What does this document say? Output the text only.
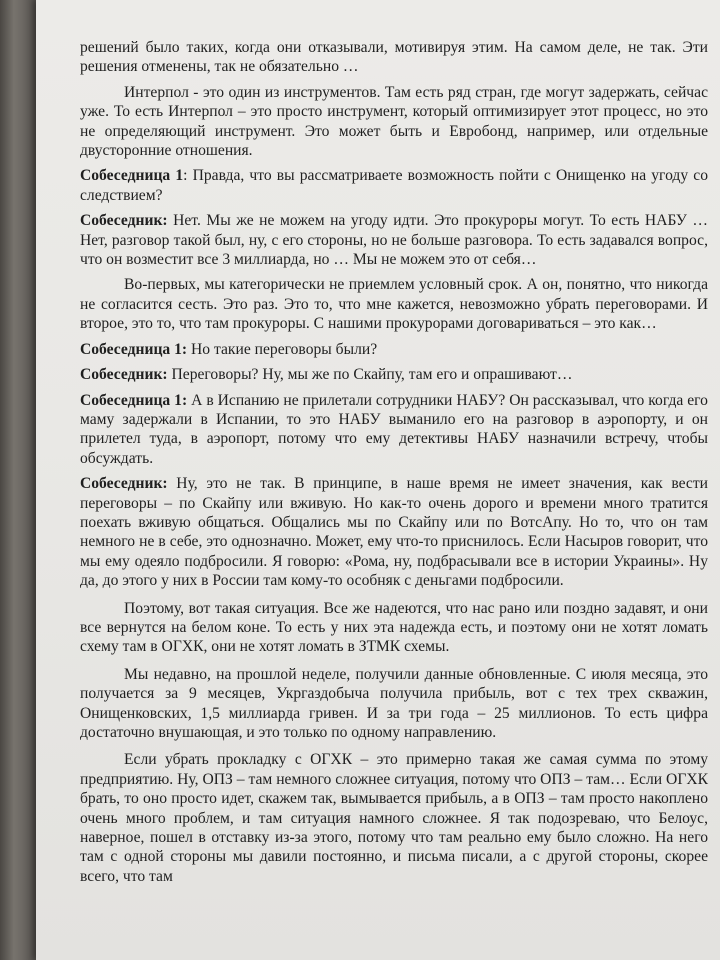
решений было таких, когда они отказывали, мотивируя этим. На самом деле, не так. Эти решения отменены, так не обязательно …

Интерпол - это один из инструментов. Там есть ряд стран, где могут задержать, сейчас уже. То есть Интерпол – это просто инструмент, который оптимизирует этот процесс, но это не определяющий инструмент. Это может быть и Евробонд, например, или отдельные двусторонние отношения.

Собеседница 1: Правда, что вы рассматриваете возможность пойти с Онищенко на угоду со следствием?

Собеседник: Нет. Мы же не можем на угоду идти. Это прокуроры могут. То есть НАБУ … Нет, разговор такой был, ну, с его стороны, но не больше разговора. То есть задавался вопрос, что он возместит все 3 миллиарда, но … Мы не можем это от себя…

Во-первых, мы категорически не приемлем условный срок. А он, понятно, что никогда не согласится сесть. Это раз. Это то, что мне кажется, невозможно убрать переговорами. И второе, это то, что там прокуроры. С нашими прокурорами договариваться – это как…

Собеседница 1: Но такие переговоры были?

Собеседник: Переговоры? Ну, мы же по Скайпу, там его и опрашивают…

Собеседница 1: А в Испанию не прилетали сотрудники НАБУ? Он рассказывал, что когда его маму задержали в Испании, то это НАБУ выманило его на разговор в аэропорту, и он прилетел туда, в аэропорт, потому что ему детективы НАБУ назначили встречу, чтобы обсуждать.

Собеседник: Ну, это не так. В принципе, в наше время не имеет значения, как вести переговоры – по Скайпу или вживую. Но как-то очень дорого и времени много тратится поехать вживую общаться. Общались мы по Скайпу или по ВотсАпу. Но то, что он там немного не в себе, это однозначно. Может, ему что-то приснилось. Если Насыров говорит, что мы ему одеяло подбросили. Я говорю: «Рома, ну, подбрасывали все в истории Украины». Ну да, до этого у них в России там кому-то особняк с деньгами подбросили.

Поэтому, вот такая ситуация. Все же надеются, что нас рано или поздно задавят, и они все вернутся на белом коне. То есть у них эта надежда есть, и поэтому они не хотят ломать схему там в ОГХК, они не хотят ломать в ЗТМК схемы.

Мы недавно, на прошлой неделе, получили данные обновленные. С июля месяца, это получается за 9 месяцев, Укргаздобыча получила прибыль, вот с тех трех скважин, Онищенковских, 1,5 миллиарда гривен. И за три года – 25 миллионов. То есть цифра достаточно внушающая, и это только по одному направлению.

Если убрать прокладку с ОГХК – это примерно такая же самая сумма по этому предприятию. Ну, ОПЗ – там немного сложнее ситуация, потому что ОПЗ – там… Если ОГХК брать, то оно просто идет, скажем так, вымывается прибыль, а в ОПЗ – там просто накоплено очень много проблем, и там ситуация намного сложнее. Я так подозреваю, что Белоус, наверное, пошел в отставку из-за этого, потому что там реально ему было сложно. На него там с одной стороны мы давили постоянно, и письма писали, а с другой стороны, скорее всего, что там
